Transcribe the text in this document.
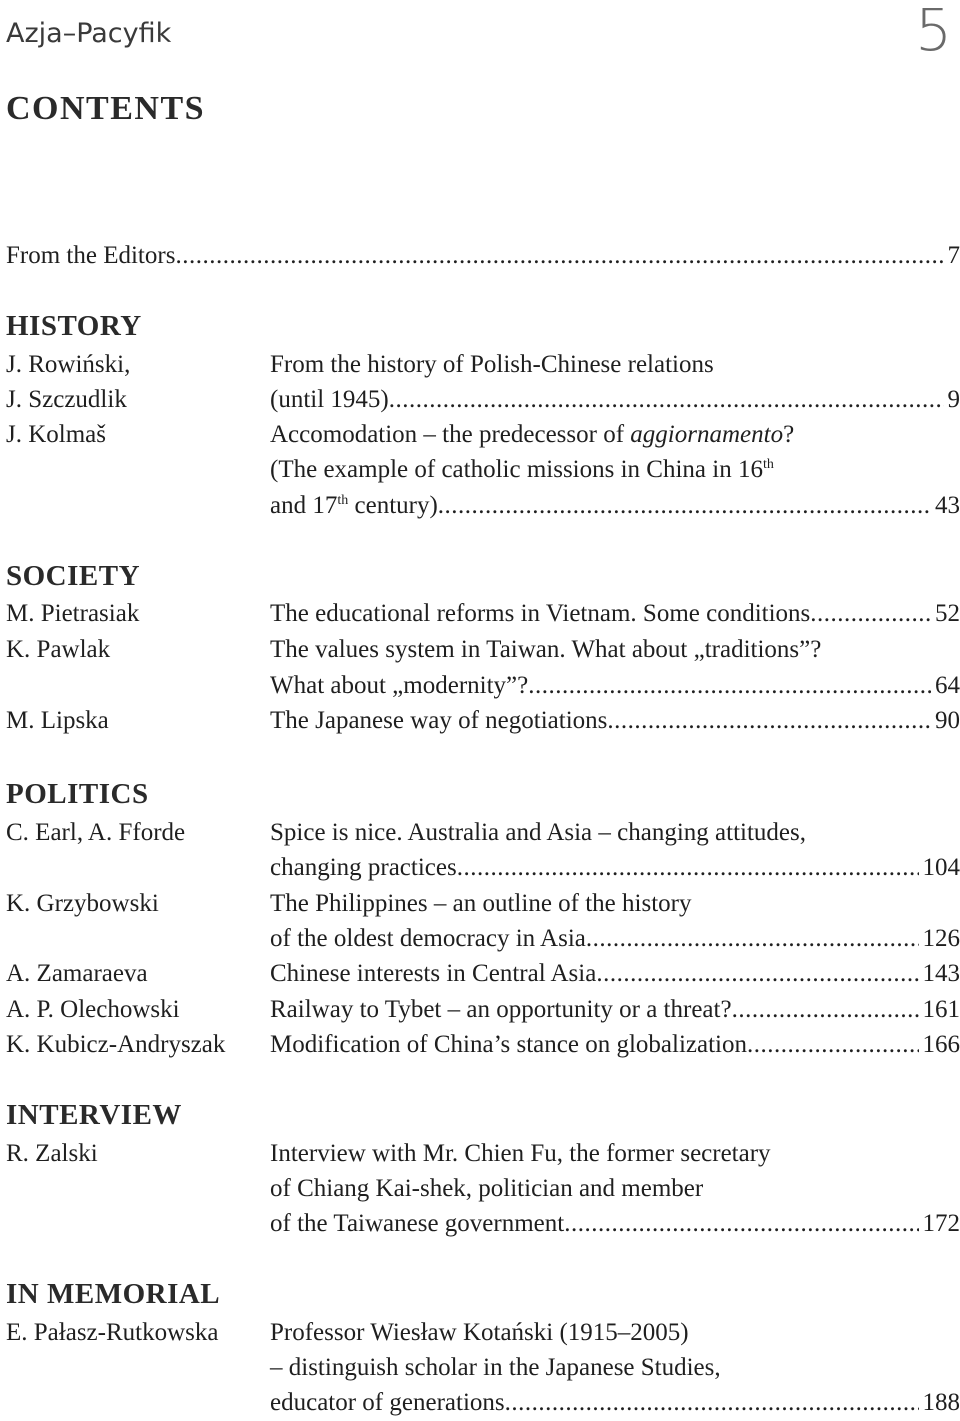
Azja–Pacyfik	5
CONTENTS
From the Editors .....	7
HISTORY
J. Rowiński,	From the history of Polish-Chinese relations
J. Szczudlik	(until 1945) .....	9
J. Kolmaš	Accomodation – the predecessor of aggiornamento?
(The example of catholic missions in China in 16th
and 17th century) .....	43
SOCIETY
M. Pietrasiak	The educational reforms in Vietnam. Some conditions .....	52
K. Pawlak	The values system in Taiwan. What about „traditions”?
What about „modernity”? .....	64
M. Lipska	The Japanese way of negotiations .....	90
POLITICS
C. Earl, A. Fforde	Spice is nice. Australia and Asia – changing attitudes,
changing practices .....	104
K. Grzybowski	The Philippines – an outline of the history
of the oldest democracy in Asia .....	126
A. Zamaraeva	Chinese interests in Central Asia .....	143
A. P. Olechowski	Railway to Tybet – an opportunity or a threat? .....	161
K. Kubicz-Andryszak Modification of China’s stance on globalization .....	166
INTERVIEW
R. Zalski	Interview with Mr. Chien Fu, the former secretary
of Chiang Kai-shek, politician and member
of the Taiwanese government .....	172
IN MEMORIAL
E. Pałasz-Rutkowska Professor Wiesław Kotański (1915–2005)
– distinguish scholar in the Japanese Studies,
educator of generations .....	188
